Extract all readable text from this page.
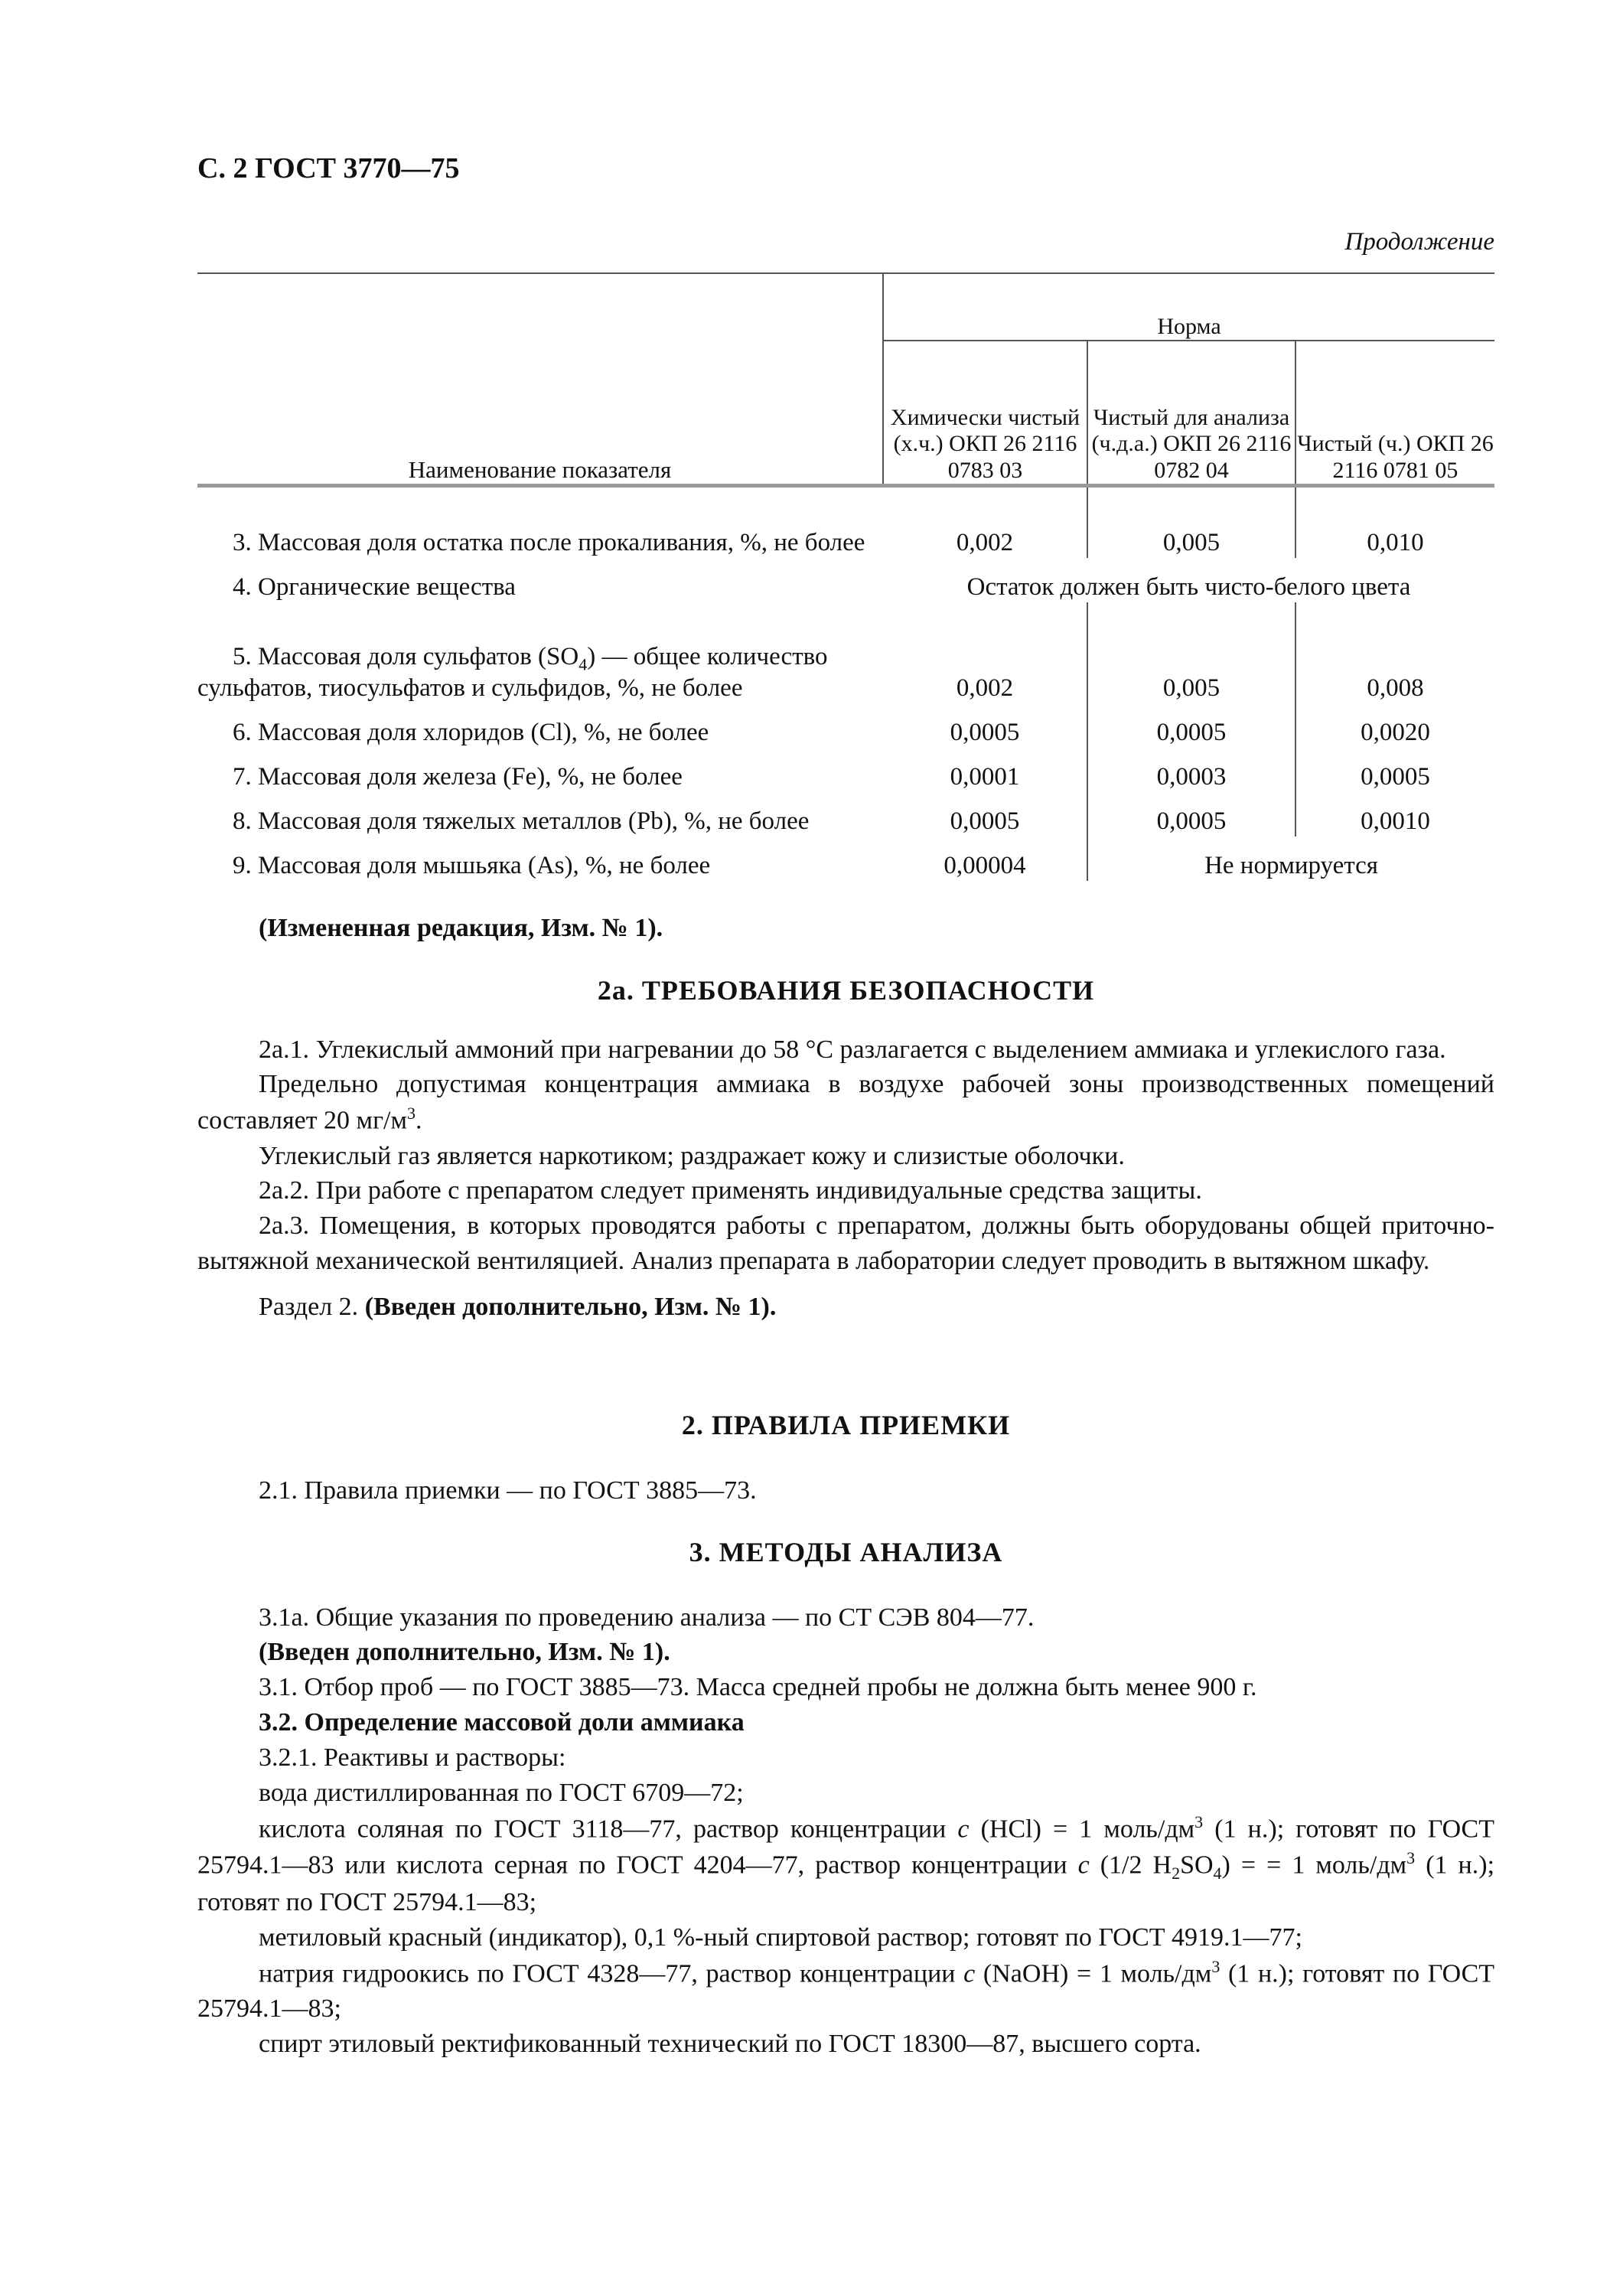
С. 2 ГОСТ 3770—75
Продолжение
Наименование показателя	Норма		
	Химически чистый (х.ч.) ОКП 26 2116 0783 03	Чистый для анализа (ч.д.а.) ОКП 26 2116 0782 04	Чистый (ч.) ОКП 26 2116 0781 05

3. Массовая доля остатка после прокаливания, %, не более	0,002	0,005	0,010
4. Органические вещества	Остаток должен быть чисто-белого цвета		
5. Массовая доля сульфатов $(SO_4)$ — общее количество сульфатов, тиосульфатов и сульфидов, %, не более	0,002	0,005	0,008
6. Массовая доля хлоридов (Cl), %, не более	0,0005	0,0005	0,0020
7. Массовая доля железа (Fe), %, не более	0,0001	0,0003	0,0005
8. Массовая доля тяжелых металлов (Pb), %, не более	0,0005	0,0005	0,0010
9. Массовая доля мышьяка (As), %, не более	0,00004	Не нормируется	

(Измененная редакция, Изм. № 1).

2а. ТРЕБОВАНИЯ БЕЗОПАСНОСТИ

2а.1. Углекислый аммоний при нагревании до 58 °С разлагается с выделением аммиака и углекислого газа.

Предельно допустимая концентрация аммиака в воздухе рабочей зоны производственных помещений составляет 20 $мг/м^3$.

Углекислый газ является наркотиком; раздражает кожу и слизистые оболочки.

2а.2. При работе с препаратом следует применять индивидуальные средства защиты.

2а.3. Помещения, в которых проводятся работы с препаратом, должны быть оборудованы общей приточно-вытяжной механической вентиляцией. Анализ препарата в лаборатории следует проводить в вытяжном шкафу.

Раздел 2. (Введен дополнительно, Изм. № 1).

2. ПРАВИЛА ПРИЕМКИ

2.1. Правила приемки — по ГОСТ 3885—73.

3. МЕТОДЫ АНАЛИЗА

3.1а. Общие указания по проведению анализа — по СТ СЭВ 804—77.

(Введен дополнительно, Изм. № 1).

3.1. Отбор проб — по ГОСТ 3885—73. Масса средней пробы не должна быть менее 900 г.

3.2. Определение массовой доли аммиака

3.2.1. Реактивы и растворы:

вода дистиллированная по ГОСТ 6709—72;

кислота соляная по ГОСТ 3118—77, раствор концентрации c (HCl) = 1 моль/$дм^3$ (1 н.); готовят по ГОСТ 25794.1—83 или кислота серная по ГОСТ 4204—77, раствор концентрации c (1/2 $H_2SO_4$) = = 1 моль/$дм^3$ (1 н.); готовят по ГОСТ 25794.1—83;

метиловый красный (индикатор), 0,1 %-ный спиртовой раствор; готовят по ГОСТ 4919.1—77;

натрия гидроокись по ГОСТ 4328—77, раствор концентрации c (NaOH) = 1 моль/$дм^3$ (1 н.); готовят по ГОСТ 25794.1—83;

спирт этиловый ректификованный технический по ГОСТ 18300—87, высшего сорта.
